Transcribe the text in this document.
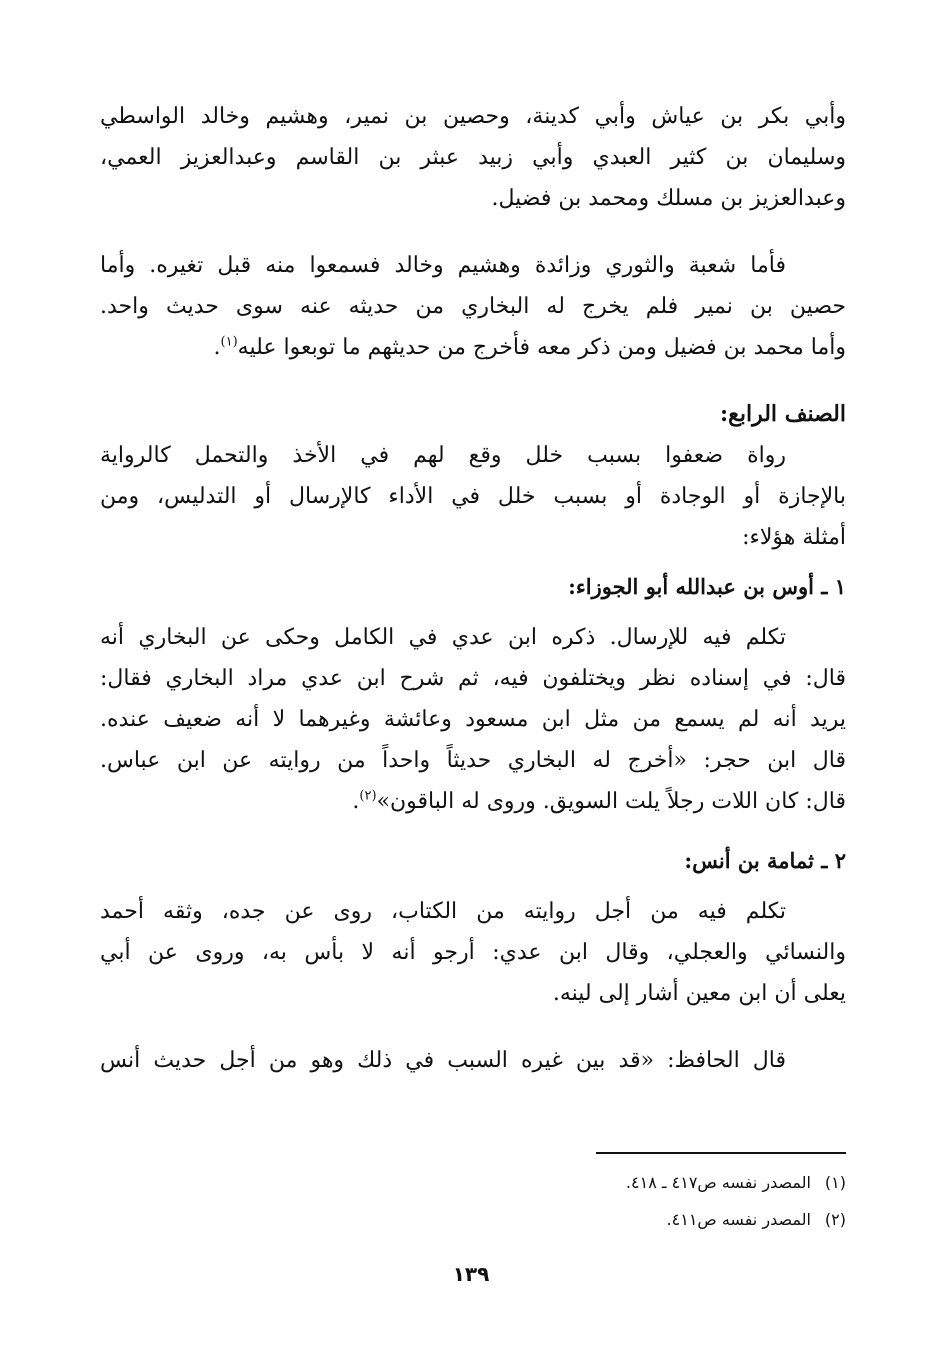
وأبي بكر بن عياش وأبي كدينة، وحصين بن نمير، وهشيم وخالد الواسطي
وسليمان بن كثير العبدي وأبي زبيد عبثر بن القاسم وعبدالعزيز العمي،
وعبدالعزيز بن مسلك ومحمد بن فضيل.
فأما شعبة والثوري وزائدة وهشيم وخالد فسمعوا منه قبل تغيره. وأما
حصين بن نمير فلم يخرج له البخاري من حديثه عنه سوى حديث واحد.
وأما محمد بن فضيل ومن ذكر معه فأخرج من حديثهم ما توبعوا عليه$^{(١)}$.
الصنف الرابع:
رواة ضعفوا بسبب خلل وقع لهم في الأخذ والتحمل كالرواية
بالإجازة أو الوجادة أو بسبب خلل في الأداء كالإرسال أو التدليس، ومن
أمثلة هؤلاء:
١ ـ أوس بن عبدالله أبو الجوزاء:
تكلم فيه للإرسال. ذكره ابن عدي في الكامل وحكى عن البخاري أنه
قال: في إسناده نظر ويختلفون فيه، ثم شرح ابن عدي مراد البخاري فقال:
يريد أنه لم يسمع من مثل ابن مسعود وعائشة وغيرهما لا أنه ضعيف عنده.
قال ابن حجر: «أخرج له البخاري حديثاً واحداً من روايته عن ابن عباس.
قال: كان اللات رجلاً يلت السويق. وروى له الباقون»$^{(٢)}$.
٢ ـ ثمامة بن أنس:
تكلم فيه من أجل روايته من الكتاب، روى عن جده، وثقه أحمد
والنسائي والعجلي، وقال ابن عدي: أرجو أنه لا بأس به، وروى عن أبي
يعلى أن ابن معين أشار إلى لينه.
قال الحافظ: «قد بين غيره السبب في ذلك وهو من أجل حديث أنس
(١)المصدر نفسه ص٤١٧ ـ ٤١٨.
(٢)المصدر نفسه ص٤١١.
١٣٩
